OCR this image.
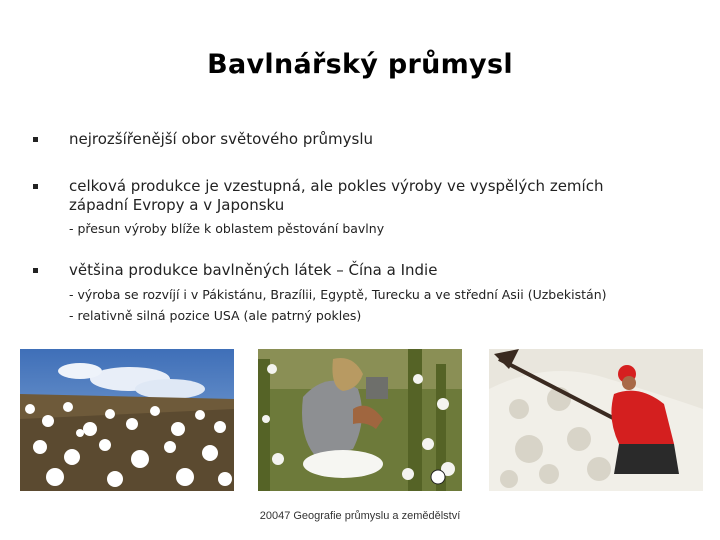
Bavlnářský průmysl
nejrozšířenější obor světového průmyslu
celková produkce je vzestupná, ale pokles výroby ve vyspělých zemích západní Evropy a v Japonsku
- přesun výroby blíže k oblastem pěstování bavlny
většina produkce bavlněných látek – Čína a Indie
- výroba se rozvíjí i v Pákistánu, Brazílii, Egyptě, Turecku a ve střední Asii (Uzbekistán)
- relativně silná pozice USA (ale patrný pokles)
20047 Geografie průmyslu a zemědělství
